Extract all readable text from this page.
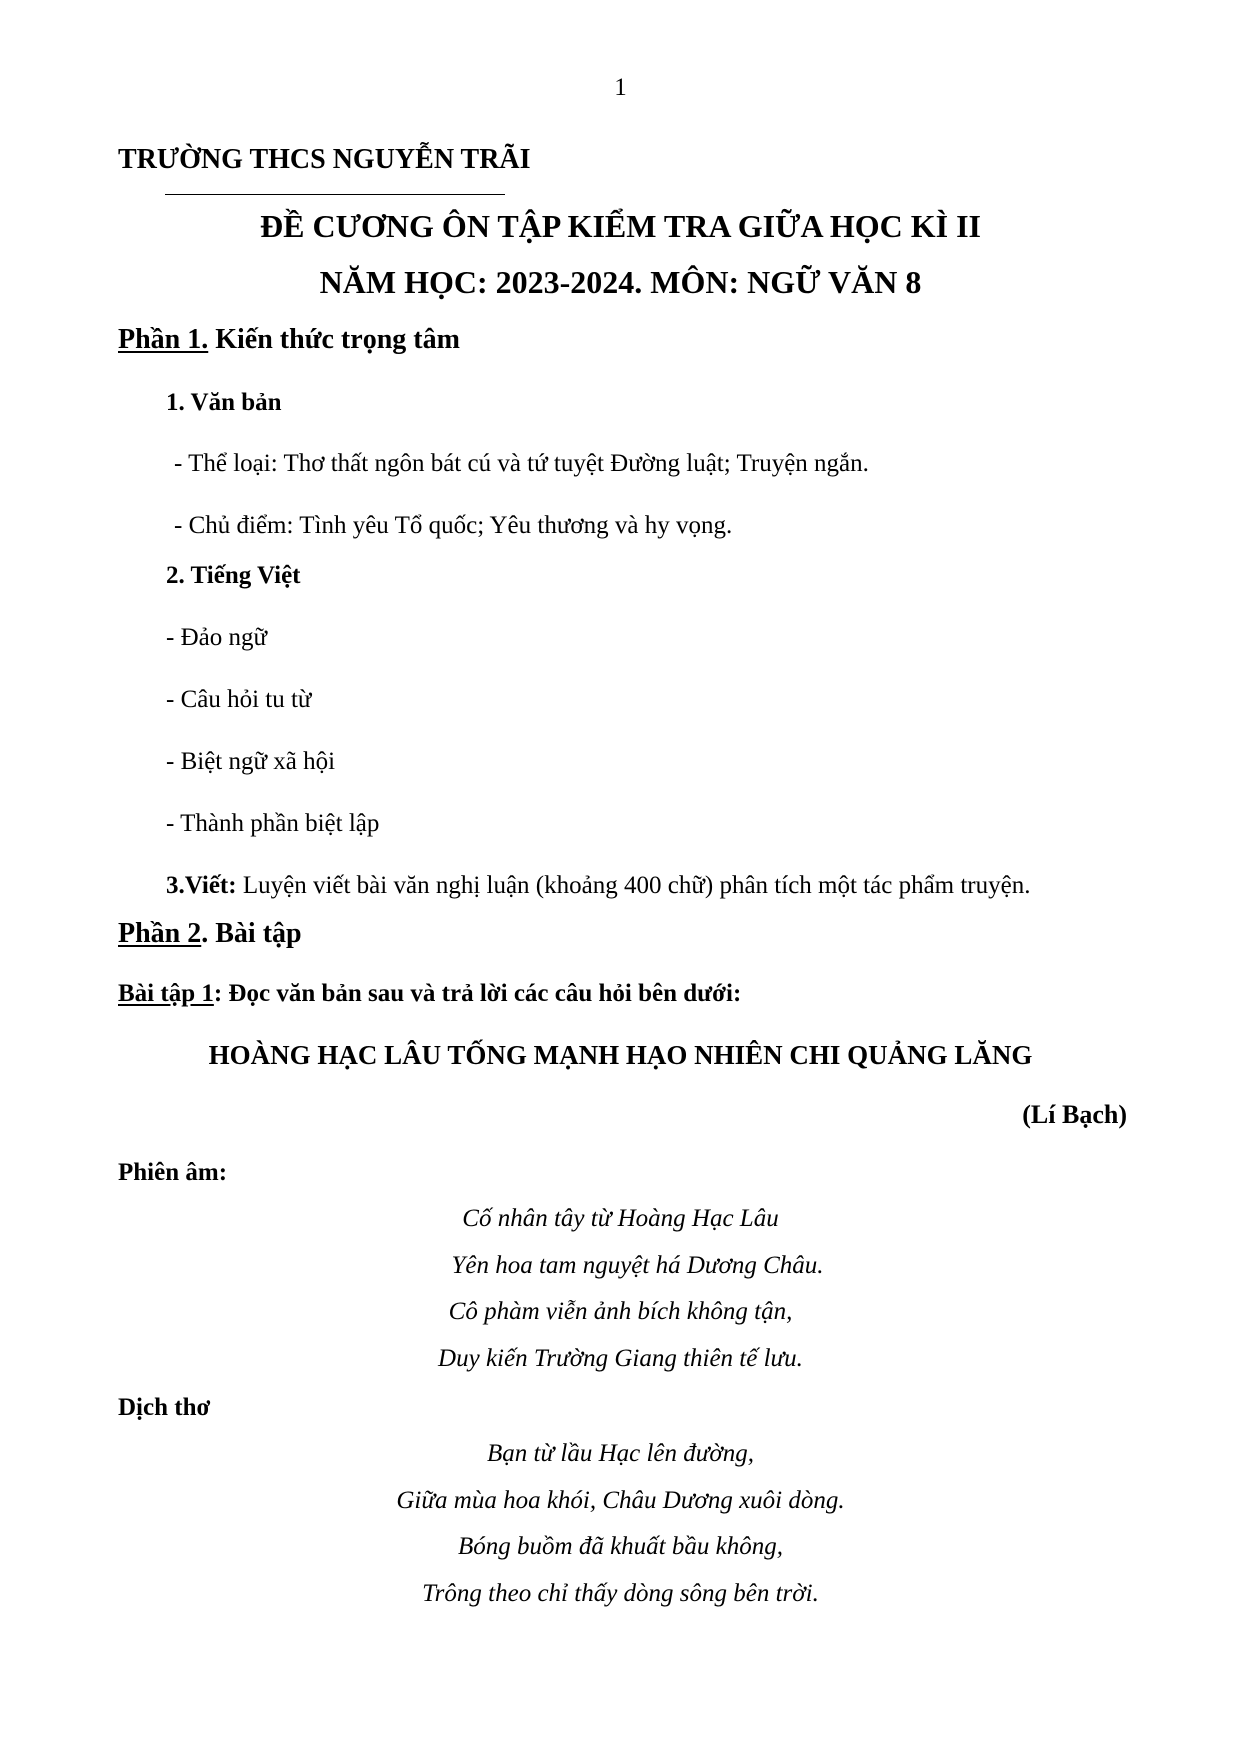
1
TRƯỜNG THCS NGUYỄN TRÃI
ĐỀ CƯƠNG ÔN TẬP KIỂM TRA GIỮA HỌC KÌ II
NĂM HỌC: 2023-2024. MÔN: NGỮ VĂN 8
Phần 1. Kiến thức trọng tâm
1. Văn bản
- Thể loại: Thơ thất ngôn bát cú và tứ tuyệt Đường luật; Truyện ngắn.
- Chủ điểm: Tình yêu Tổ quốc; Yêu thương và hy vọng.
2. Tiếng Việt
- Đảo ngữ
- Câu hỏi tu từ
- Biệt ngữ xã hội
- Thành phần biệt lập
3.Viết: Luyện viết bài văn nghị luận (khoảng 400 chữ) phân tích một tác phẩm truyện.
Phần 2. Bài tập
Bài tập 1: Đọc văn bản sau và trả lời các câu hỏi bên dưới:
HOÀNG HẠC LÂU TỐNG MẠNH HẠO NHIÊN CHI QUẢNG LĂNG
(Lí Bạch)
Phiên âm:
Cố nhân tây từ Hoàng Hạc Lâu
Yên hoa tam nguyệt há Dương Châu.
Cô phàm viễn ảnh bích không tận,
Duy kiến Trường Giang thiên tế lưu.
Dịch thơ
Bạn từ lầu Hạc lên đường,
Giữa mùa hoa khói, Châu Dương xuôi dòng.
Bóng buồm đã khuất bầu không,
Trông theo chỉ thấy dòng sông bên trời.
